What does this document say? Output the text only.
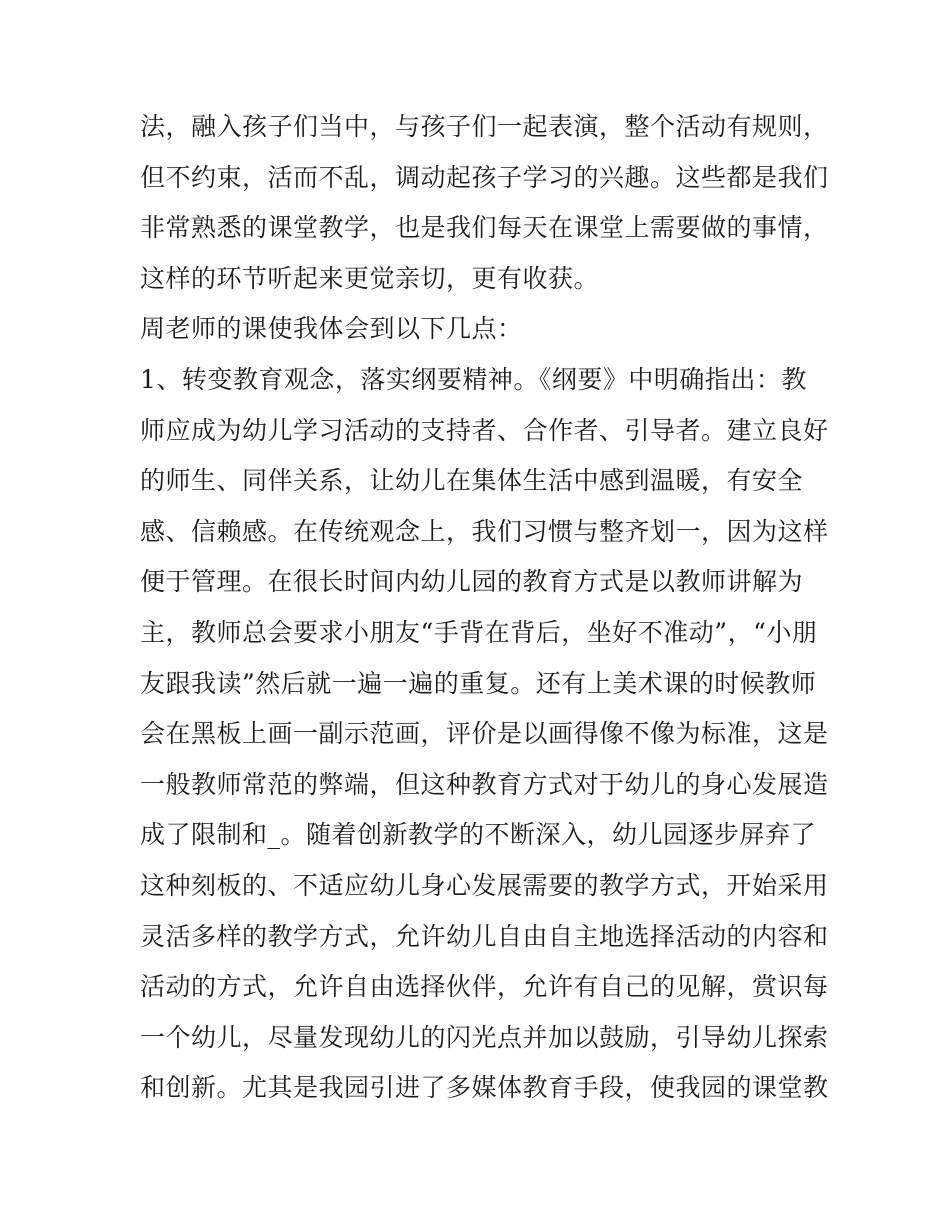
法，融入孩子们当中，与孩子们一起表演，整个活动有规则，
但不约束，活而不乱，调动起孩子学习的兴趣。这些都是我们
非常熟悉的课堂教学，也是我们每天在课堂上需要做的事情，
这样的环节听起来更觉亲切，更有收获。
周老师的课使我体会到以下几点：
1、转变教育观念，落实纲要精神。《纲要》中明确指出：教
师应成为幼儿学习活动的支持者、合作者、引导者。建立良好
的师生、同伴关系，让幼儿在集体生活中感到温暖，有安全
感、信赖感。在传统观念上，我们习惯与整齐划一，因为这样
便于管理。在很长时间内幼儿园的教育方式是以教师讲解为
主，教师总会要求小朋友“手背在背后，坐好不准动”，“小朋
友跟我读”然后就一遍一遍的重复。还有上美术课的时候教师
会在黑板上画一副示范画，评价是以画得像不像为标准，这是
一般教师常范的弊端，但这种教育方式对于幼儿的身心发展造
成了限制和_。随着创新教学的不断深入，幼儿园逐步屏弃了
这种刻板的、不适应幼儿身心发展需要的教学方式，开始采用
灵活多样的教学方式，允许幼儿自由自主地选择活动的内容和
活动的方式，允许自由选择伙伴，允许有自己的见解，赏识每
一个幼儿，尽量发现幼儿的闪光点并加以鼓励，引导幼儿探索
和创新。尤其是我园引进了多媒体教育手段，使我园的课堂教
